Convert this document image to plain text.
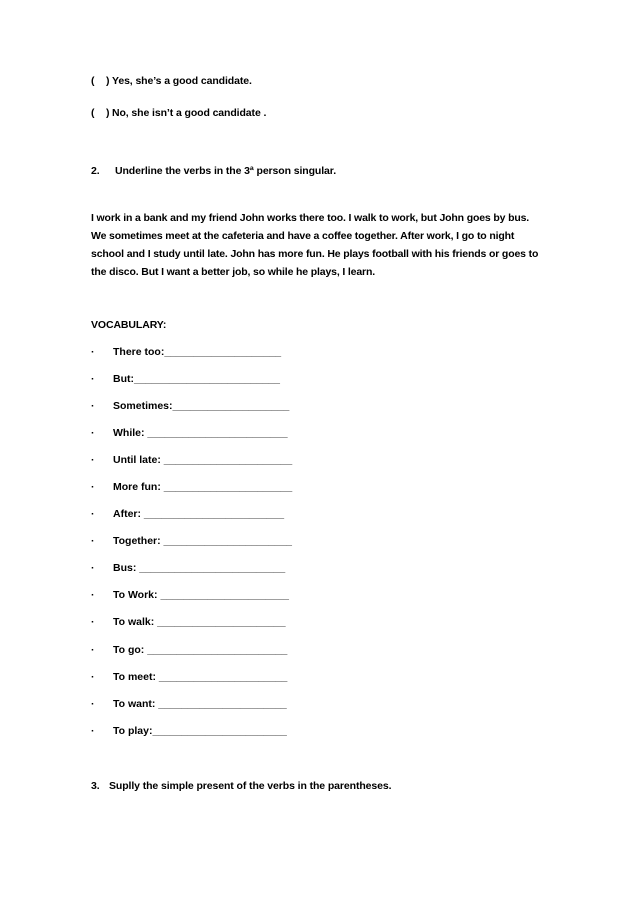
( ) Yes, she’s a good candidate.
( ) No, she isn’t a good candidate .
2. Underline the verbs in the 3ª person singular.
I work in a bank and my friend John works there too. I walk to work, but John goes by bus.
We sometimes meet at the cafeteria and have a coffee together. After work, I go to night
school and I study until late. John has more fun. He plays football with his friends or goes to
the disco. But I want a better job, so while he plays, I learn.
VOCABULARY:
· There too:____________________
· But:_________________________
· Sometimes:____________________
· While: ________________________
· Until late: ______________________
· More fun: ______________________
· After: ________________________
· Together: ______________________
· Bus: _________________________
· To Work: ______________________
· To walk: ______________________
· To go: ________________________
· To meet: ______________________
· To want: ______________________
· To play:_______________________
3. Suplly the simple present of the verbs in the parentheses.
